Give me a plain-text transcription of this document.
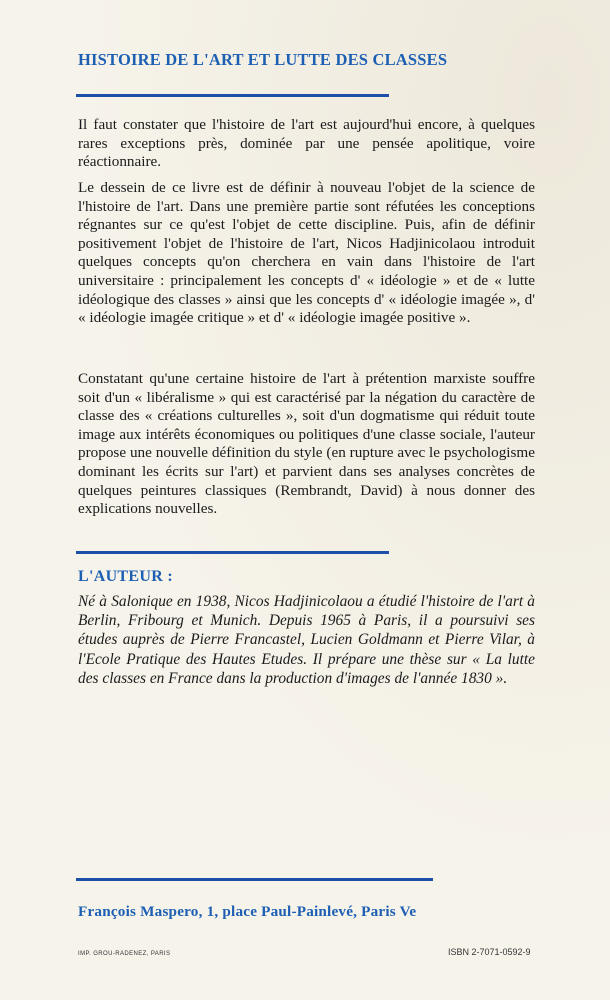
HISTOIRE DE L'ART ET LUTTE DES CLASSES

Il faut constater que l'histoire de l'art est aujourd'hui encore, à quelques rares exceptions près, dominée par une pensée apolitique, voire réactionnaire.

Le dessein de ce livre est de définir à nouveau l'objet de la science de l'histoire de l'art. Dans une première partie sont réfutées les conceptions régnantes sur ce qu'est l'objet de cette discipline. Puis, afin de définir positivement l'objet de l'histoire de l'art, Nicos Hadjinicolaou introduit quelques concepts qu'on cherchera en vain dans l'histoire de l'art universitaire : principalement les concepts d' « idéologie » et de « lutte idéologique des classes » ainsi que les concepts d' « idéologie imagée », d' « idéologie imagée critique » et d' « idéologie imagée positive ».

Constatant qu'une certaine histoire de l'art à prétention marxiste souffre soit d'un « libéralisme » qui est caractérisé par la négation du caractère de classe des « créations culturelles », soit d'un dogmatisme qui réduit toute image aux intérêts économiques ou politiques d'une classe sociale, l'auteur propose une nouvelle définition du style (en rupture avec le psychologisme dominant les écrits sur l'art) et parvient dans ses analyses concrètes de quelques peintures classiques (Rembrandt, David) à nous donner des explications nouvelles.

L'AUTEUR :

Né à Salonique en 1938, Nicos Hadjinicolaou a étudié l'histoire de l'art à Berlin, Fribourg et Munich. Depuis 1965 à Paris, il a poursuivi ses études auprès de Pierre Francastel, Lucien Goldmann et Pierre Vilar, à l'Ecole Pratique des Hautes Etudes. Il prépare une thèse sur « La lutte des classes en France dans la production d'images de l'année 1830 ».

François Maspero, 1, place Paul-Painlevé, Paris Ve
IMP. GROU-RADENEZ, PARIS	ISBN 2-7071-0592-9
